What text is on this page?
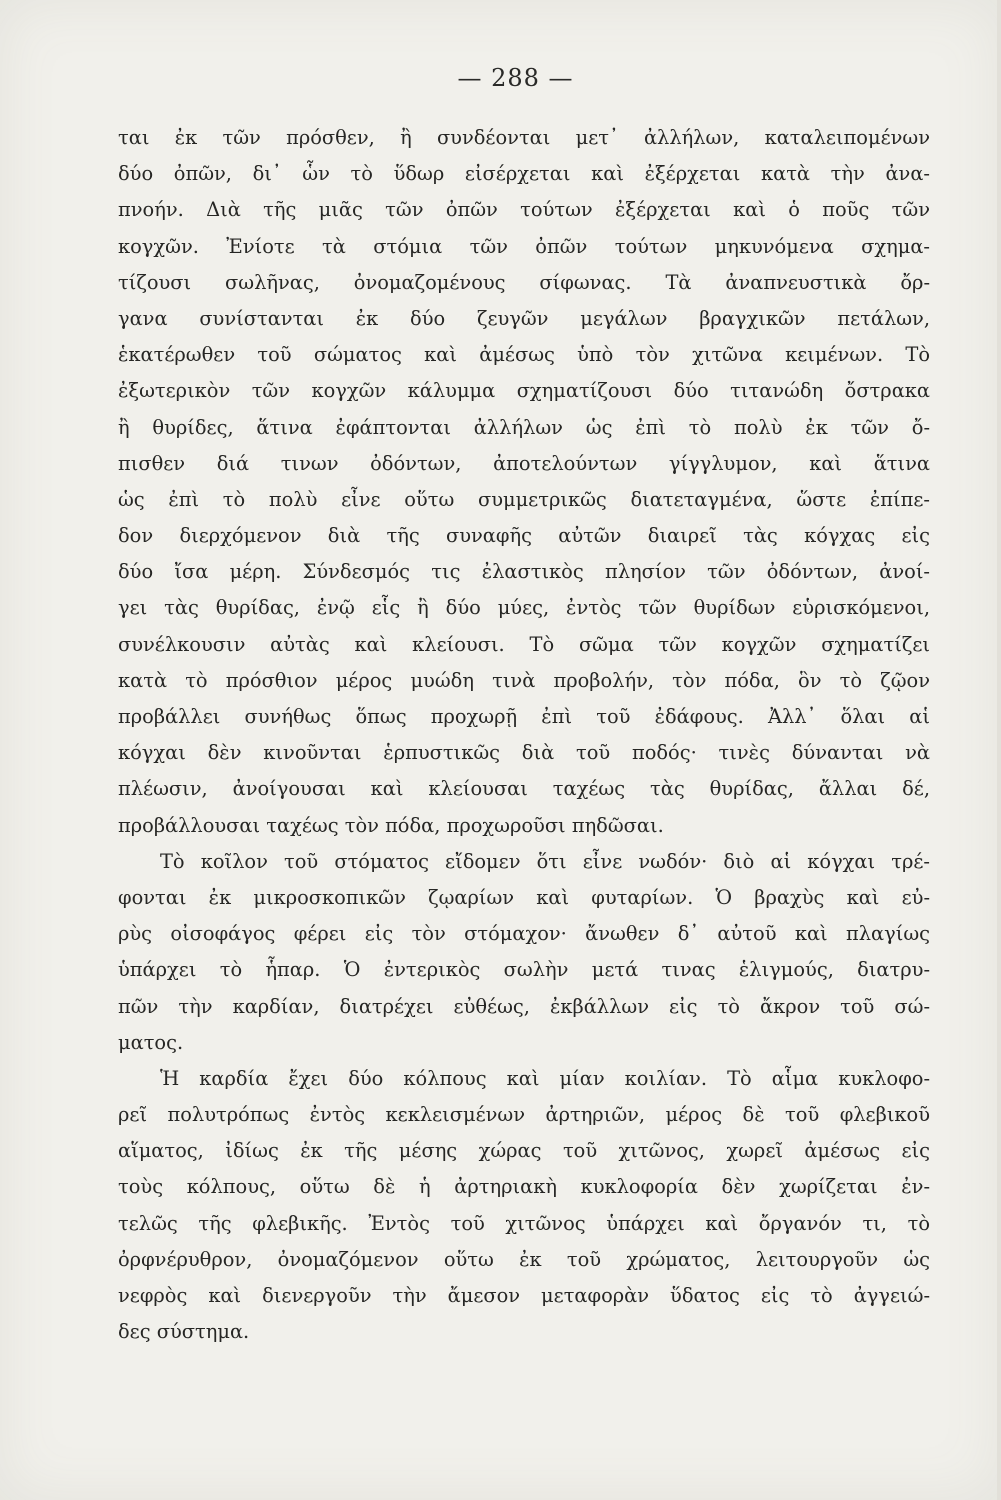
— 288 —
ται ἐκ τῶν πρόσθεν, ἢ συνδέονται μετ᾽ ἀλλήλων, καταλειπομένων
δύο ὀπῶν, δι᾽ ὧν τὸ ὕδωρ εἰσέρχεται καὶ ἐξέρχεται κατὰ τὴν ἀνα-
πνοήν. Διὰ τῆς μιᾶς τῶν ὀπῶν τούτων ἐξέρχεται καὶ ὁ ποῦς τῶν
κογχῶν. Ἐνίοτε τὰ στόμια τῶν ὀπῶν τούτων μηκυνόμενα σχημα-
τίζουσι σωλῆνας, ὀνομαζομένους σίφωνας. Τὰ ἀναπνευστικὰ ὄρ-
γανα συνίστανται ἐκ δύο ζευγῶν μεγάλων βραγχικῶν πετάλων,
ἑκατέρωθεν τοῦ σώματος καὶ ἀμέσως ὑπὸ τὸν χιτῶνα κειμένων. Τὸ
ἐξωτερικὸν τῶν κογχῶν κάλυμμα σχηματίζουσι δύο τιτανώδη ὄστρακα
ἢ θυρίδες, ἅτινα ἐφάπτονται ἀλλήλων ὡς ἐπὶ τὸ πολὺ ἐκ τῶν ὄ-
πισθεν διά τινων ὀδόντων, ἀποτελούντων γίγγλυμον, καὶ ἅτινα
ὡς ἐπὶ τὸ πολὺ εἶνε οὕτω συμμετρικῶς διατεταγμένα, ὥστε ἐπίπε-
δον διερχόμενον διὰ τῆς συναφῆς αὐτῶν διαιρεῖ τὰς κόγχας εἰς
δύο ἴσα μέρη. Σύνδεσμός τις ἐλαστικὸς πλησίον τῶν ὀδόντων, ἀνοί-
γει τὰς θυρίδας, ἐνῷ εἷς ἢ δύο μύες, ἐντὸς τῶν θυρίδων εὑρισκόμενοι,
συνέλκουσιν αὐτὰς καὶ κλείουσι. Τὸ σῶμα τῶν κογχῶν σχηματίζει
κατὰ τὸ πρόσθιον μέρος μυώδη τινὰ προβολήν, τὸν πόδα, ὃν τὸ ζῷον
προβάλλει συνήθως ὅπως προχωρῇ ἐπὶ τοῦ ἐδάφους. Ἀλλ᾽ ὅλαι αἱ
κόγχαι δὲν κινοῦνται ἑρπυστικῶς διὰ τοῦ ποδός· τινὲς δύνανται νὰ
πλέωσιν, ἀνοίγουσαι καὶ κλείουσαι ταχέως τὰς θυρίδας, ἄλλαι δέ,
προβάλλουσαι ταχέως τὸν πόδα, προχωροῦσι πηδῶσαι.
Τὸ κοῖλον τοῦ στόματος εἴδομεν ὅτι εἶνε νωδόν· διὸ αἱ κόγχαι τρέ-
φονται ἐκ μικροσκοπικῶν ζῳαρίων καὶ φυταρίων. Ὁ βραχὺς καὶ εὐ-
ρὺς οἰσοφάγος φέρει εἰς τὸν στόμαχον· ἄνωθεν δ᾽ αὐτοῦ καὶ πλαγίως
ὑπάρχει τὸ ἧπαρ. Ὁ ἐντερικὸς σωλὴν μετά τινας ἑλιγμούς, διατρυ-
πῶν τὴν καρδίαν, διατρέχει εὐθέως, ἐκβάλλων εἰς τὸ ἄκρον τοῦ σώ-
ματος.
Ἡ καρδία ἔχει δύο κόλπους καὶ μίαν κοιλίαν. Τὸ αἷμα κυκλοφο-
ρεῖ πολυτρόπως ἐντὸς κεκλεισμένων ἀρτηριῶν, μέρος δὲ τοῦ φλεβικοῦ
αἵματος, ἰδίως ἐκ τῆς μέσης χώρας τοῦ χιτῶνος, χωρεῖ ἀμέσως εἰς
τοὺς κόλπους, οὕτω δὲ ἡ ἀρτηριακὴ κυκλοφορία δὲν χωρίζεται ἐν-
τελῶς τῆς φλεβικῆς. Ἐντὸς τοῦ χιτῶνος ὑπάρχει καὶ ὄργανόν τι, τὸ
ὀρφνέρυθρον, ὀνομαζόμενον οὕτω ἐκ τοῦ χρώματος, λειτουργοῦν ὡς
νεφρὸς καὶ διενεργοῦν τὴν ἄμεσον μεταφορὰν ὕδατος εἰς τὸ ἀγγειώ-
δες σύστημα.
